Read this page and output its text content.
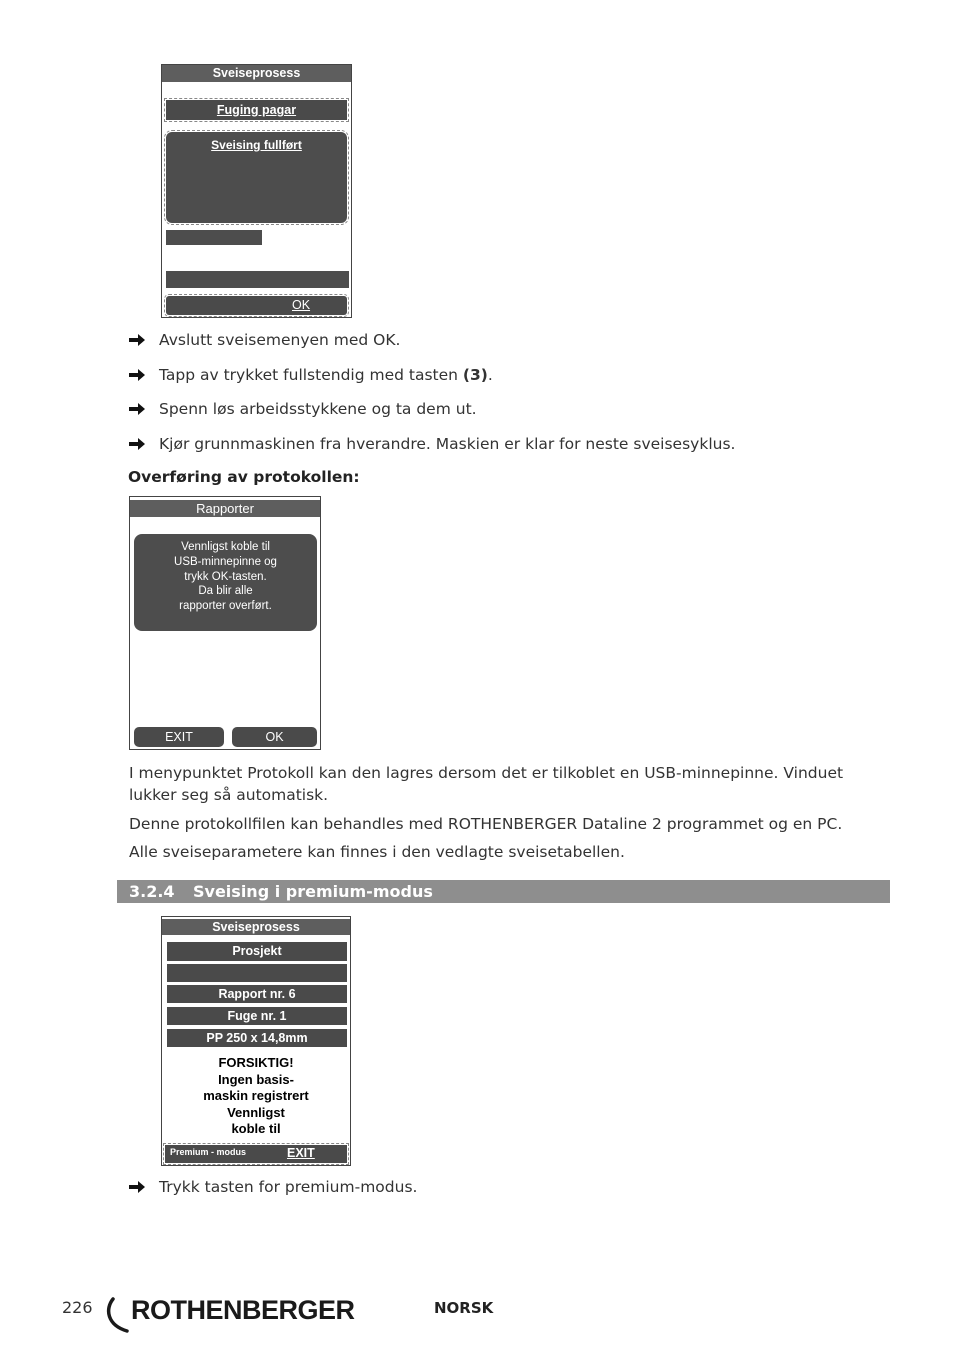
Sveiseprosess
Fuging pagar
Sveising fullført
OK
Avslutt sveisemenyen med OK.
Tapp av trykket fullstendig med tasten (3).
Spenn løs arbeidsstykkene og ta dem ut.
Kjør grunnmaskinen fra hverandre. Maskien er klar for neste sveisesyklus.
Overføring av protokollen:
Rapporter
Vennligst koble til
USB-minnepinne og
trykk OK-tasten.
Da blir alle
rapporter overført.
EXIT	OK
I menypunktet Protokoll kan den lagres dersom det er tilkoblet en USB-minnepinne. Vinduet
lukker seg så automatisk.
Denne protokollfilen kan behandles med ROTHENBERGER Dataline 2 programmet og en PC.
Alle sveiseparametere kan finnes i den vedlagte sveisetabellen.
3.2.4 Sveising i premium-modus
Sveiseprosess
Prosjekt
Rapport nr. 6
Fuge nr. 1
PP 250 x 14,8mm
FORSIKTIG!
Ingen basis-
maskin registrert
Vennligst
koble til
Premium - modus	EXIT
Trykk tasten for premium-modus.
226 ROTHENBERGER	NORSK
